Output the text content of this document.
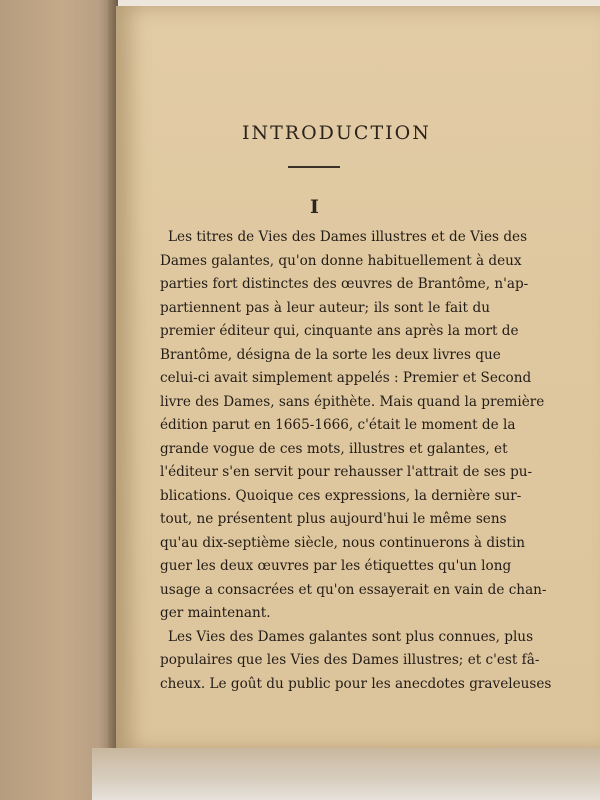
INTRODUCTION
I
Les titres de Vies des Dames illustres et de Vies des
Dames galantes, qu'on donne habituellement à deux
parties fort distinctes des œuvres de Brantôme, n'ap-
partiennent pas à leur auteur; ils sont le fait du
premier éditeur qui, cinquante ans après la mort de
Brantôme, désigna de la sorte les deux livres que
celui-ci avait simplement appelés : Premier et Second
livre des Dames, sans épithète. Mais quand la première
édition parut en 1665-1666, c'était le moment de la
grande vogue de ces mots, illustres et galantes, et
l'éditeur s'en servit pour rehausser l'attrait de ses pu-
blications. Quoique ces expressions, la dernière sur-
tout, ne présentent plus aujourd'hui le même sens
qu'au dix-septième siècle, nous continuerons à distin
guer les deux œuvres par les étiquettes qu'un long
usage a consacrées et qu'on essayerait en vain de chan-
ger maintenant.
Les Vies des Dames galantes sont plus connues, plus
populaires que les Vies des Dames illustres; et c'est fâ-
cheux. Le goût du public pour les anecdotes graveleuses
